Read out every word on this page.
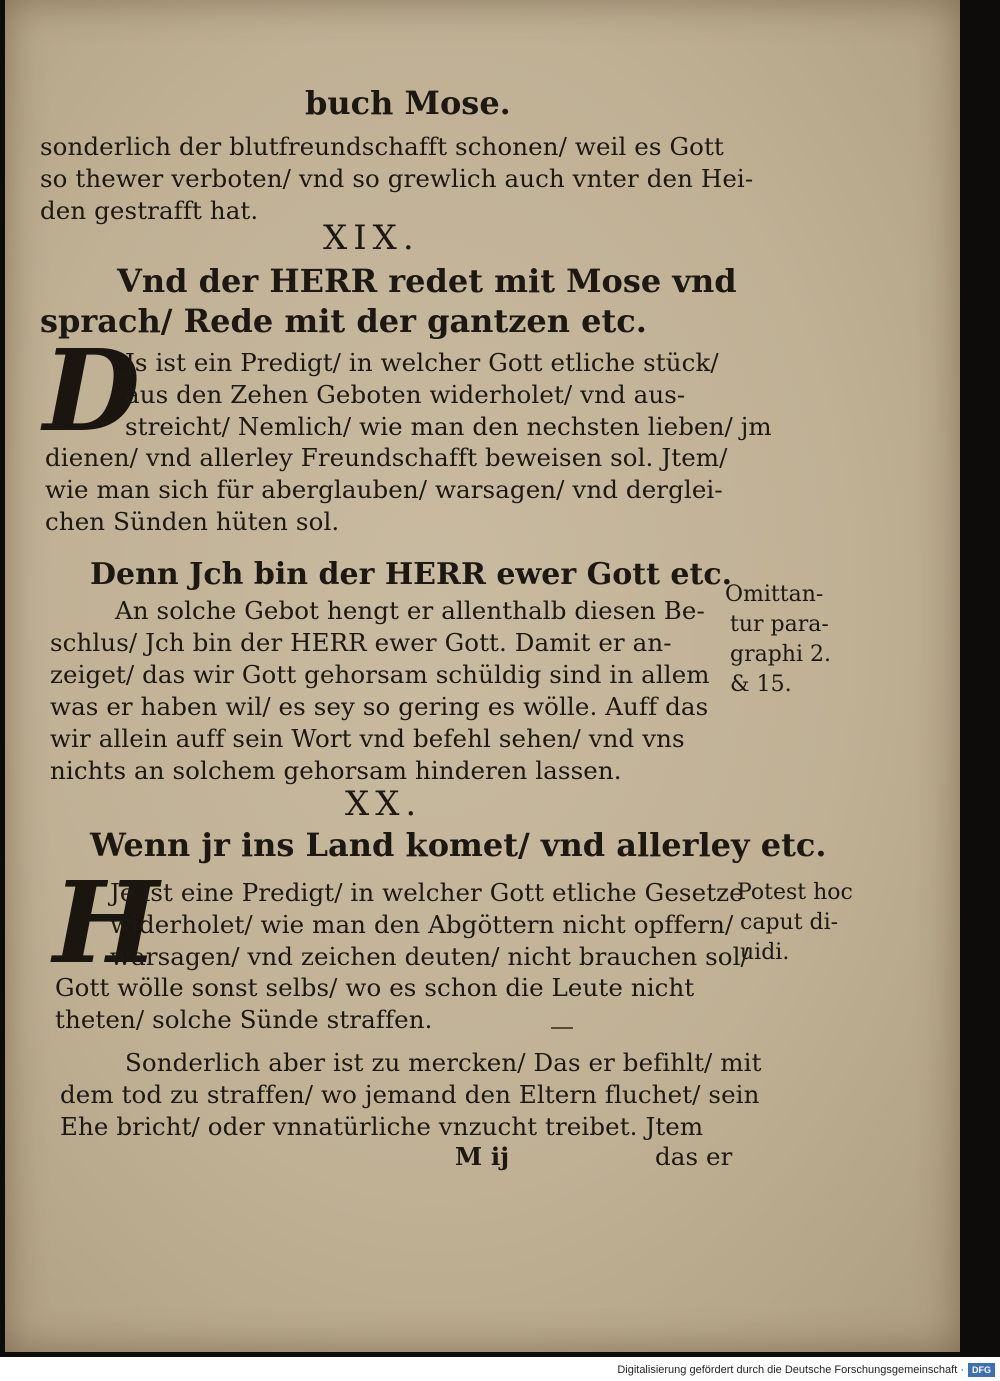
buch Mose.
sonderlich der blutfreundschafft schonen/ weil es Gott
so thewer verboten/ vnd so grewlich auch vnter den Hei-
den gestrafft hat.
XIX.
Vnd der HERR redet mit Mose vnd
sprach/ Rede mit der gantzen etc.
D
Js ist ein Predigt/ in welcher Gott etliche stück/
aus den Zehen Geboten widerholet/ vnd aus-
streicht/ Nemlich/ wie man den nechsten lieben/ jm
dienen/ vnd allerley Freundschafft beweisen sol. Jtem/
wie man sich für aberglauben/ warsagen/ vnd derglei-
chen Sünden hüten sol.
Denn Jch bin der HERR ewer Gott etc.
Omittan-
tur para-
graphi 2.
& 15.
An solche Gebot hengt er allenthalb diesen Be-
schlus/ Jch bin der HERR ewer Gott. Damit er an-
zeiget/ das wir Gott gehorsam schüldig sind in allem
was er haben wil/ es sey so gering es wölle. Auff das
wir allein auff sein Wort vnd befehl sehen/ vnd vns
nichts an solchem gehorsam hinderen lassen.
XX.
Wenn jr ins Land komet/ vnd allerley etc.
H
Je ist eine Predigt/ in welcher Gott etliche Gesetze
widerholet/ wie man den Abgöttern nicht opffern/
warsagen/ vnd zeichen deuten/ nicht brauchen sol/
Gott wölle sonst selbs/ wo es schon die Leute nicht
theten/ solche Sünde straffen.
Potest hoc
caput di-
uidi.
Sonderlich aber ist zu mercken/ Das er befihlt/ mit
dem tod zu straffen/ wo jemand den Eltern fluchet/ sein
Ehe bricht/ oder vnnatürliche vnzucht treibet. Jtem
M ij	das er
Digitalisierung gefördert durch die Deutsche Forschungsgemeinschaft · DFG
